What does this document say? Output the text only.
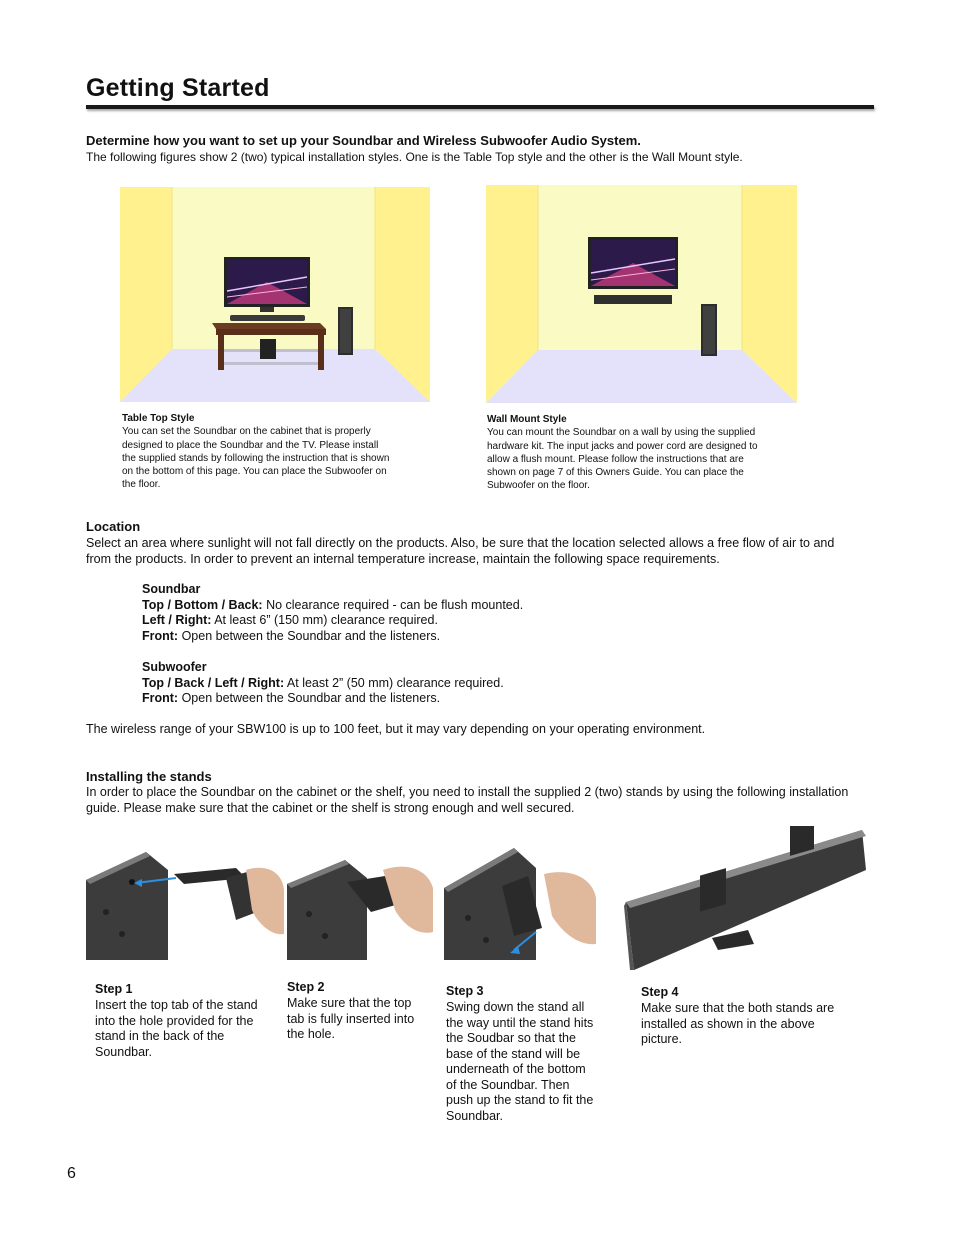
Getting Started
Determine how you want to set up your Soundbar and Wireless Subwoofer Audio System.
The following figures show 2 (two) typical installation styles. One is the Table Top style and the other is the Wall Mount style.
Table Top Style
You can set the Soundbar on the cabinet that is properly
designed to place the Soundbar and the TV. Please install
the supplied stands by following the instruction that is shown
on the bottom of this page. You can place the Subwoofer on
the floor.
Wall Mount Style
You can mount the Soundbar on a wall by using the supplied
hardware kit. The input jacks and power cord are designed to
allow a flush mount. Please follow the instructions that are
shown on page 7 of this Owners Guide. You can place the
Subwoofer on the floor.
Location
Select an area where sunlight will not fall directly on the products. Also, be sure that the location selected allows a free flow of air to and
from the products. In order to prevent an internal temperature increase, maintain the following space requirements.

Soundbar

Top / Bottom / Back: No clearance required - can be flush mounted.

Left / Right: At least 6” (150 mm) clearance required.

Front: Open between the Soundbar and the listeners.

Subwoofer

Top / Back / Left / Right: At least 2” (50 mm) clearance required.

Front: Open between the Soundbar and the listeners.

The wireless range of your SBW100 is up to 100 feet, but it may vary depending on your operating environment.
Installing the stands
In order to place the Soundbar on the cabinet or the shelf, you need to install the supplied 2 (two) stands by using the following installation
guide. Please make sure that the cabinet or the shelf is strong enough and well secured.
Step 1
Insert the top tab of the stand
into the hole provided for the
stand in the back of the
Soundbar.
Step 2
Make sure that the top
tab is fully inserted into
the hole.
Step 3
Swing down the stand all
the way until the stand hits
the Soudbar so that the
base of the stand will be
underneath of the bottom
of the Soundbar. Then
push up the stand to fit the
Soundbar.
Step 4
Make sure that the both stands are
installed as shown in the above
picture.
6
